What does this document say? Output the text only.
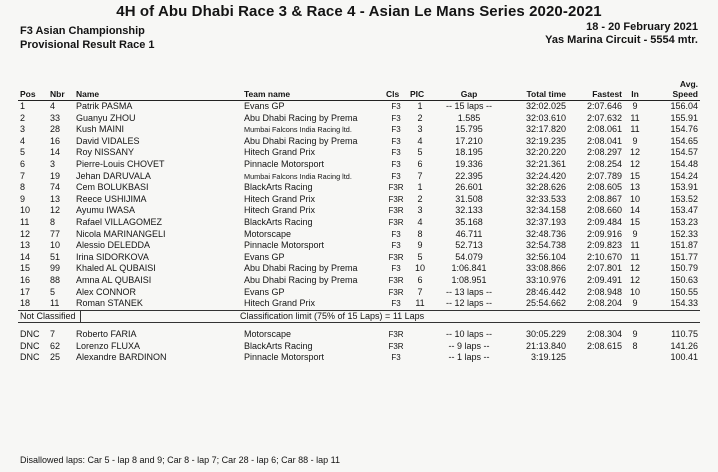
4H of Abu Dhabi Race 3 & Race 4 - Asian Le Mans Series 2020-2021
F3 Asian Championship
Provisional Result Race 1
18 - 20 February 2021
Yas Marina Circuit - 5554 mtr.
Pos	Nbr	Name	Team name	Cls	PIC	Gap	Total time	Fastest	In	Avg.
Speed
1	4	Patrik PASMA	Evans GP	F3	1	-- 15 laps --	32:02.025	2:07.646	9	156.04
2	33	Guanyu ZHOU	Abu Dhabi Racing by Prema	F3	2	1.585	32:03.610	2:07.632	11	155.91
3	28	Kush MAINI	Mumbai Falcons India Racing ltd.	F3	3	15.795	32:17.820	2:08.061	11	154.76
4	16	David VIDALES	Abu Dhabi Racing by Prema	F3	4	17.210	32:19.235	2:08.041	9	154.65
5	14	Roy NISSANY	Hitech Grand Prix	F3	5	18.195	32:20.220	2:08.297	12	154.57
6	3	Pierre-Louis CHOVET	Pinnacle Motorsport	F3	6	19.336	32:21.361	2:08.254	12	154.48
7	19	Jehan DARUVALA	Mumbai Falcons India Racing ltd.	F3	7	22.395	32:24.420	2:07.789	15	154.24
8	74	Cem BOLUKBASI	BlackArts Racing	F3R	1	26.601	32:28.626	2:08.605	13	153.91
9	13	Reece USHIJIMA	Hitech Grand Prix	F3R	2	31.508	32:33.533	2:08.867	10	153.52
10	12	Ayumu IWASA	Hitech Grand Prix	F3R	3	32.133	32:34.158	2:08.660	14	153.47
11	8	Rafael VILLAGOMEZ	BlackArts Racing	F3R	4	35.168	32:37.193	2:09.484	15	153.23
12	77	Nicola MARINANGELI	Motorscape	F3	8	46.711	32:48.736	2:09.916	9	152.33
13	10	Alessio DELEDDA	Pinnacle Motorsport	F3	9	52.713	32:54.738	2:09.823	11	151.87
14	51	Irina SIDORKOVA	Evans GP	F3R	5	54.079	32:56.104	2:10.670	11	151.77
15	99	Khaled AL QUBAISI	Abu Dhabi Racing by Prema	F3	10	1:06.841	33:08.866	2:07.801	12	150.79
16	88	Amna AL QUBAISI	Abu Dhabi Racing by Prema	F3R	6	1:08.951	33:10.976	2:09.491	12	150.63
17	5	Alex CONNOR	Evans GP	F3R	7	-- 13 laps --	28:46.442	2:08.948	10	150.55
18	11	Roman STANEK	Hitech Grand Prix	F3	11	-- 12 laps --	25:54.662	2:08.204	9	154.33

Not Classified Classification limit (75% of 15 Laps) = 11 Laps										

DNC	7	Roberto FARIA	Motorscape	F3R		-- 10 laps --	30:05.229	2:08.304	9	110.75
DNC	62	Lorenzo FLUXA	BlackArts Racing	F3R		-- 9 laps --	21:13.840	2:08.615	8	141.26
DNC	25	Alexandre BARDINON	Pinnacle Motorsport	F3		-- 1 laps --	3:19.125			100.41
Disallowed laps: Car 5 - lap 8 and 9; Car 8 - lap 7; Car 28 - lap 6; Car 88 - lap 11
